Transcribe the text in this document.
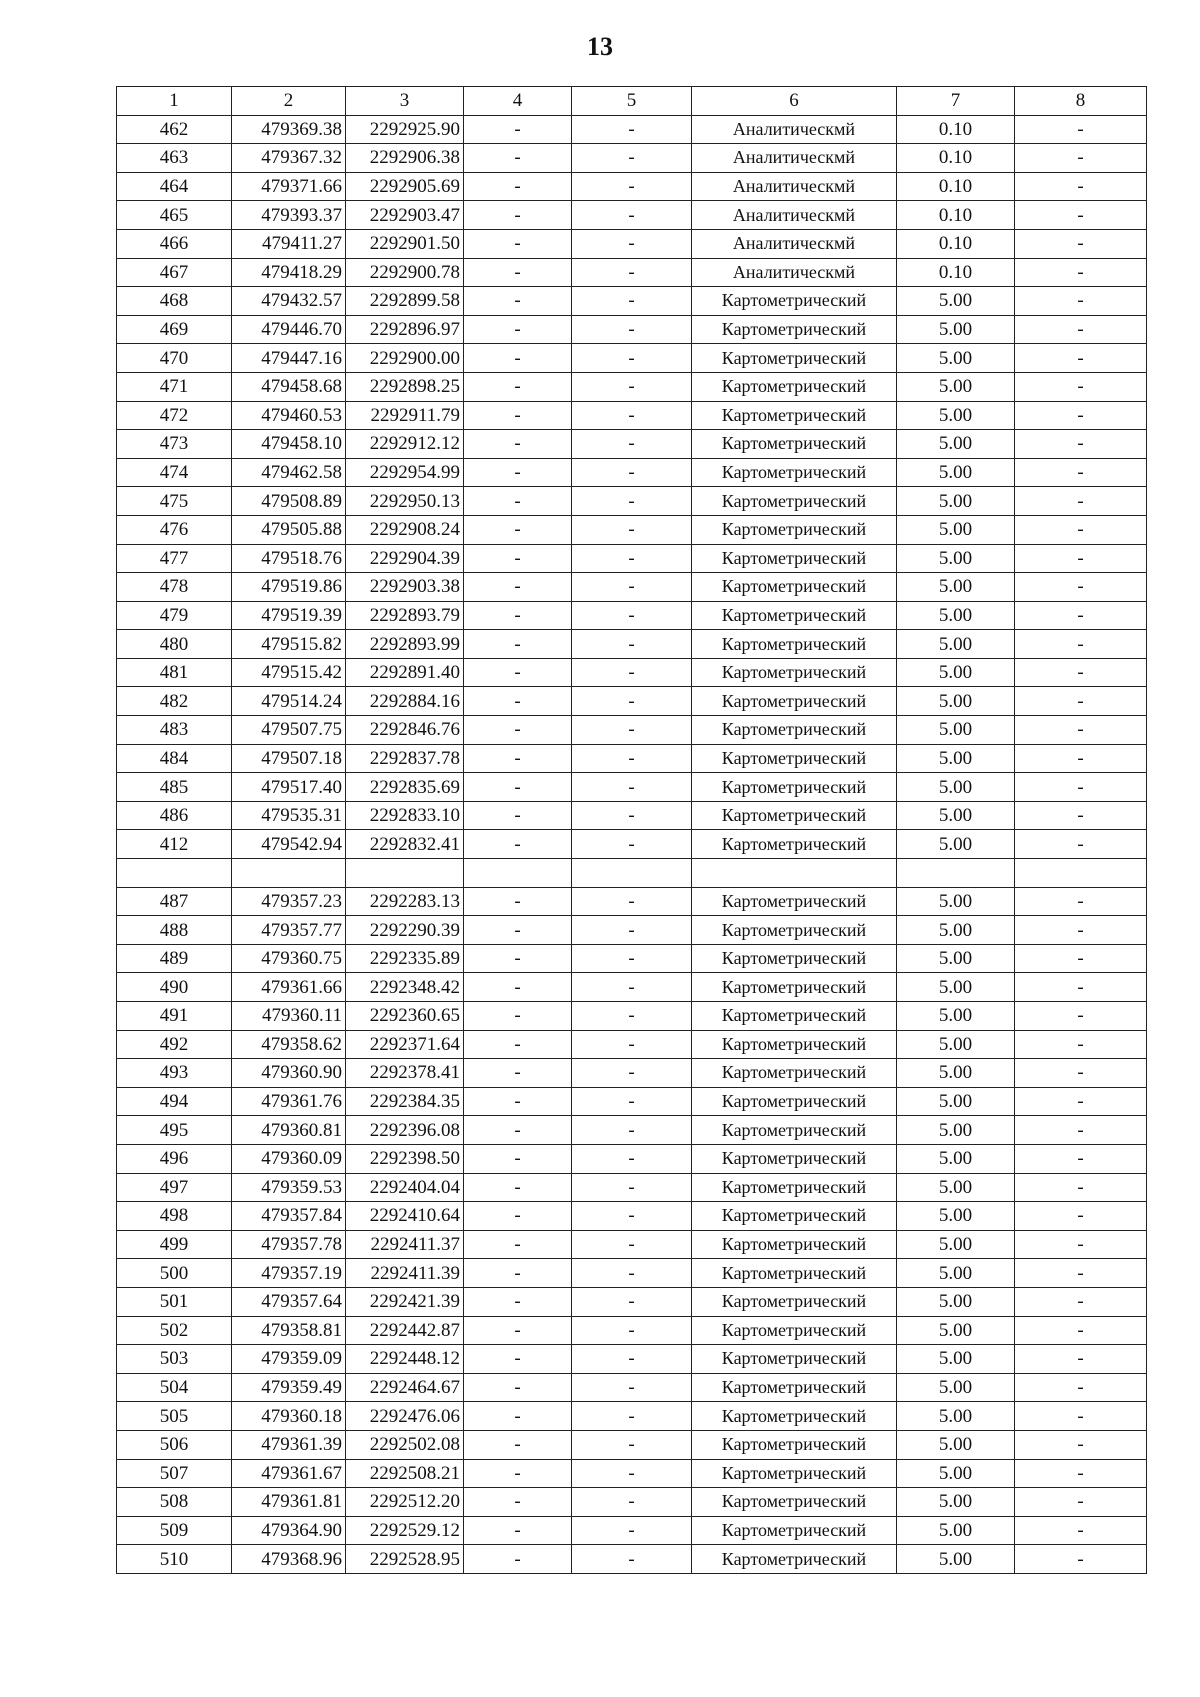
13
1	2	3	4	5	6	7	8
462	479369.38	2292925.90	-	-	Аналитическмй	0.10	-
463	479367.32	2292906.38	-	-	Аналитическмй	0.10	-
464	479371.66	2292905.69	-	-	Аналитическмй	0.10	-
465	479393.37	2292903.47	-	-	Аналитическмй	0.10	-
466	479411.27	2292901.50	-	-	Аналитическмй	0.10	-
467	479418.29	2292900.78	-	-	Аналитическмй	0.10	-
468	479432.57	2292899.58	-	-	Картометрический	5.00	-
469	479446.70	2292896.97	-	-	Картометрический	5.00	-
470	479447.16	2292900.00	-	-	Картометрический	5.00	-
471	479458.68	2292898.25	-	-	Картометрический	5.00	-
472	479460.53	2292911.79	-	-	Картометрический	5.00	-
473	479458.10	2292912.12	-	-	Картометрический	5.00	-
474	479462.58	2292954.99	-	-	Картометрический	5.00	-
475	479508.89	2292950.13	-	-	Картометрический	5.00	-
476	479505.88	2292908.24	-	-	Картометрический	5.00	-
477	479518.76	2292904.39	-	-	Картометрический	5.00	-
478	479519.86	2292903.38	-	-	Картометрический	5.00	-
479	479519.39	2292893.79	-	-	Картометрический	5.00	-
480	479515.82	2292893.99	-	-	Картометрический	5.00	-
481	479515.42	2292891.40	-	-	Картометрический	5.00	-
482	479514.24	2292884.16	-	-	Картометрический	5.00	-
483	479507.75	2292846.76	-	-	Картометрический	5.00	-
484	479507.18	2292837.78	-	-	Картометрический	5.00	-
485	479517.40	2292835.69	-	-	Картометрический	5.00	-
486	479535.31	2292833.10	-	-	Картометрический	5.00	-
412	479542.94	2292832.41	-	-	Картометрический	5.00	-

487	479357.23	2292283.13	-	-	Картометрический	5.00	-
488	479357.77	2292290.39	-	-	Картометрический	5.00	-
489	479360.75	2292335.89	-	-	Картометрический	5.00	-
490	479361.66	2292348.42	-	-	Картометрический	5.00	-
491	479360.11	2292360.65	-	-	Картометрический	5.00	-
492	479358.62	2292371.64	-	-	Картометрический	5.00	-
493	479360.90	2292378.41	-	-	Картометрический	5.00	-
494	479361.76	2292384.35	-	-	Картометрический	5.00	-
495	479360.81	2292396.08	-	-	Картометрический	5.00	-
496	479360.09	2292398.50	-	-	Картометрический	5.00	-
497	479359.53	2292404.04	-	-	Картометрический	5.00	-
498	479357.84	2292410.64	-	-	Картометрический	5.00	-
499	479357.78	2292411.37	-	-	Картометрический	5.00	-
500	479357.19	2292411.39	-	-	Картометрический	5.00	-
501	479357.64	2292421.39	-	-	Картометрический	5.00	-
502	479358.81	2292442.87	-	-	Картометрический	5.00	-
503	479359.09	2292448.12	-	-	Картометрический	5.00	-
504	479359.49	2292464.67	-	-	Картометрический	5.00	-
505	479360.18	2292476.06	-	-	Картометрический	5.00	-
506	479361.39	2292502.08	-	-	Картометрический	5.00	-
507	479361.67	2292508.21	-	-	Картометрический	5.00	-
508	479361.81	2292512.20	-	-	Картометрический	5.00	-
509	479364.90	2292529.12	-	-	Картометрический	5.00	-
510	479368.96	2292528.95	-	-	Картометрический	5.00	-
